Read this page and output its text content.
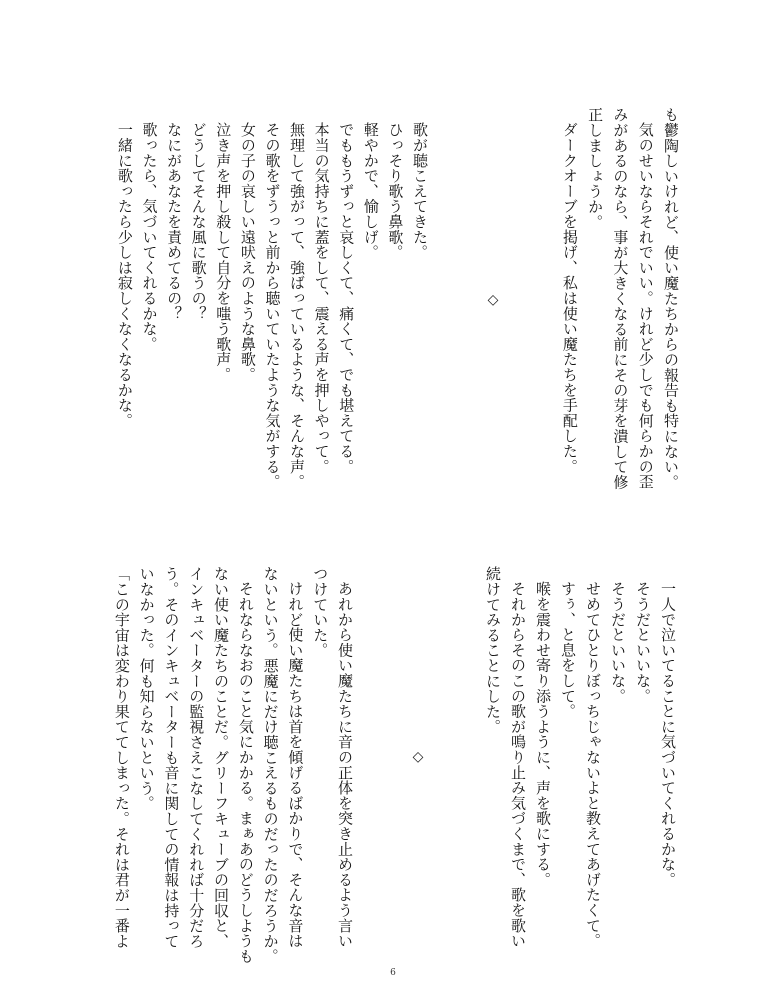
も鬱陶しいけれど、使い魔たちからの報告も特にない。
気のせいならそれでいい。けれど少しでも何らかの歪
みがあるのなら、事が大きくなる前にその芽を潰して修
正しましょうか。
ダークオーブを掲げ、私は使い魔たちを手配した。
◇
歌が聴こえてきた。
ひっそり歌う鼻歌。
軽やかで、愉しげ。
でももうずっと哀しくて、痛くて、でも堪えてる。
本当の気持ちに蓋をして、震える声を押しやって。
無理して強がって、強ばっているような、そんな声。
その歌をずうっと前から聴いていたような気がする。
女の子の哀しい遠吠えのような鼻歌。
泣き声を押し殺して自分を嗤う歌声。
どうしてそんな風に歌うの？
なにがあなたを責めてるの？
歌ったら、気づいてくれるかな。
一緒に歌ったら少しは寂しくなくなるかな。
一人で泣いてることに気づいてくれるかな。
そうだといいな。
そうだといいな。
せめてひとりぼっちじゃないよと教えてあげたくて。
すぅ、と息をして。
喉を震わせ寄り添うように、声を歌にする。
それからそのこの歌が鳴り止み気づくまで、歌を歌い
続けてみることにした。
◇
あれから使い魔たちに音の正体を突き止めるよう言い
つけていた。
けれど使い魔たちは首を傾げるばかりで、そんな音は
ないという。悪魔にだけ聴こえるものだったのだろうか。
それならなおのこと気にかかる。まぁあのどうしようも
ない使い魔たちのことだ。グリーフキューブの回収と、
インキュベーターの監視さえこなしてくれれば十分だろ
う。そのインキュベーターも音に関しての情報は持って
いなかった。何も知らないという。
「この宇宙は変わり果ててしまった。それは君が一番よ
6
